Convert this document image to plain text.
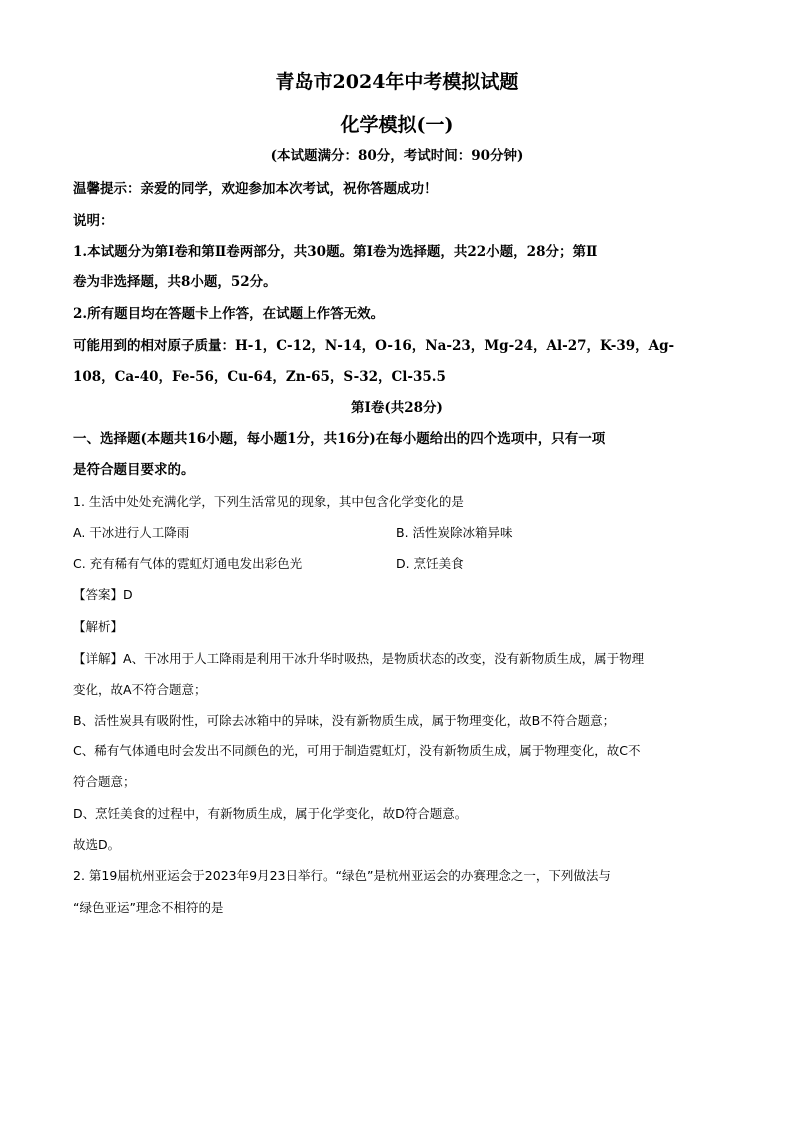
青岛市2024年中考模拟试题
化学模拟(一)
(本试题满分：80分，考试时间：90分钟)
温馨提示：亲爱的同学，欢迎参加本次考试，祝你答题成功！
说明：
1.本试题分为第Ⅰ卷和第Ⅱ卷两部分，共30题。第Ⅰ卷为选择题，共22小题，28分；第Ⅱ
卷为非选择题，共8小题，52分。
2.所有题目均在答题卡上作答，在试题上作答无效。
可能用到的相对原子质量：H-1，C-12，N-14，O-16，Na-23，Mg-24，Al-27，K-39，Ag-
108，Ca-40，Fe-56，Cu-64，Zn-65，S-32，Cl-35.5
第Ⅰ卷(共28分)
一、选择题(本题共16小题，每小题1分，共16分)在每小题给出的四个选项中，只有一项
是符合题目要求的。
1. 生活中处处充满化学，下列生活常见的现象，其中包含化学变化的是
A. 干冰进行人工降雨	B. 活性炭除冰箱异味
C. 充有稀有气体的霓虹灯通电发出彩色光	D. 烹饪美食
【答案】D
【解析】
【详解】A、干冰用于人工降雨是利用干冰升华时吸热，是物质状态的改变，没有新物质生成，属于物理
变化，故A不符合题意；
B、活性炭具有吸附性，可除去冰箱中的异味，没有新物质生成，属于物理变化，故B不符合题意；
C、稀有气体通电时会发出不同颜色的光，可用于制造霓虹灯，没有新物质生成，属于物理变化，故C不
符合题意；
D、烹饪美食的过程中，有新物质生成，属于化学变化，故D符合题意。
故选D。
2. 第19届杭州亚运会于2023年9月23日举行。“绿色”是杭州亚运会的办赛理念之一，下列做法与
“绿色亚运”理念不相符的是
